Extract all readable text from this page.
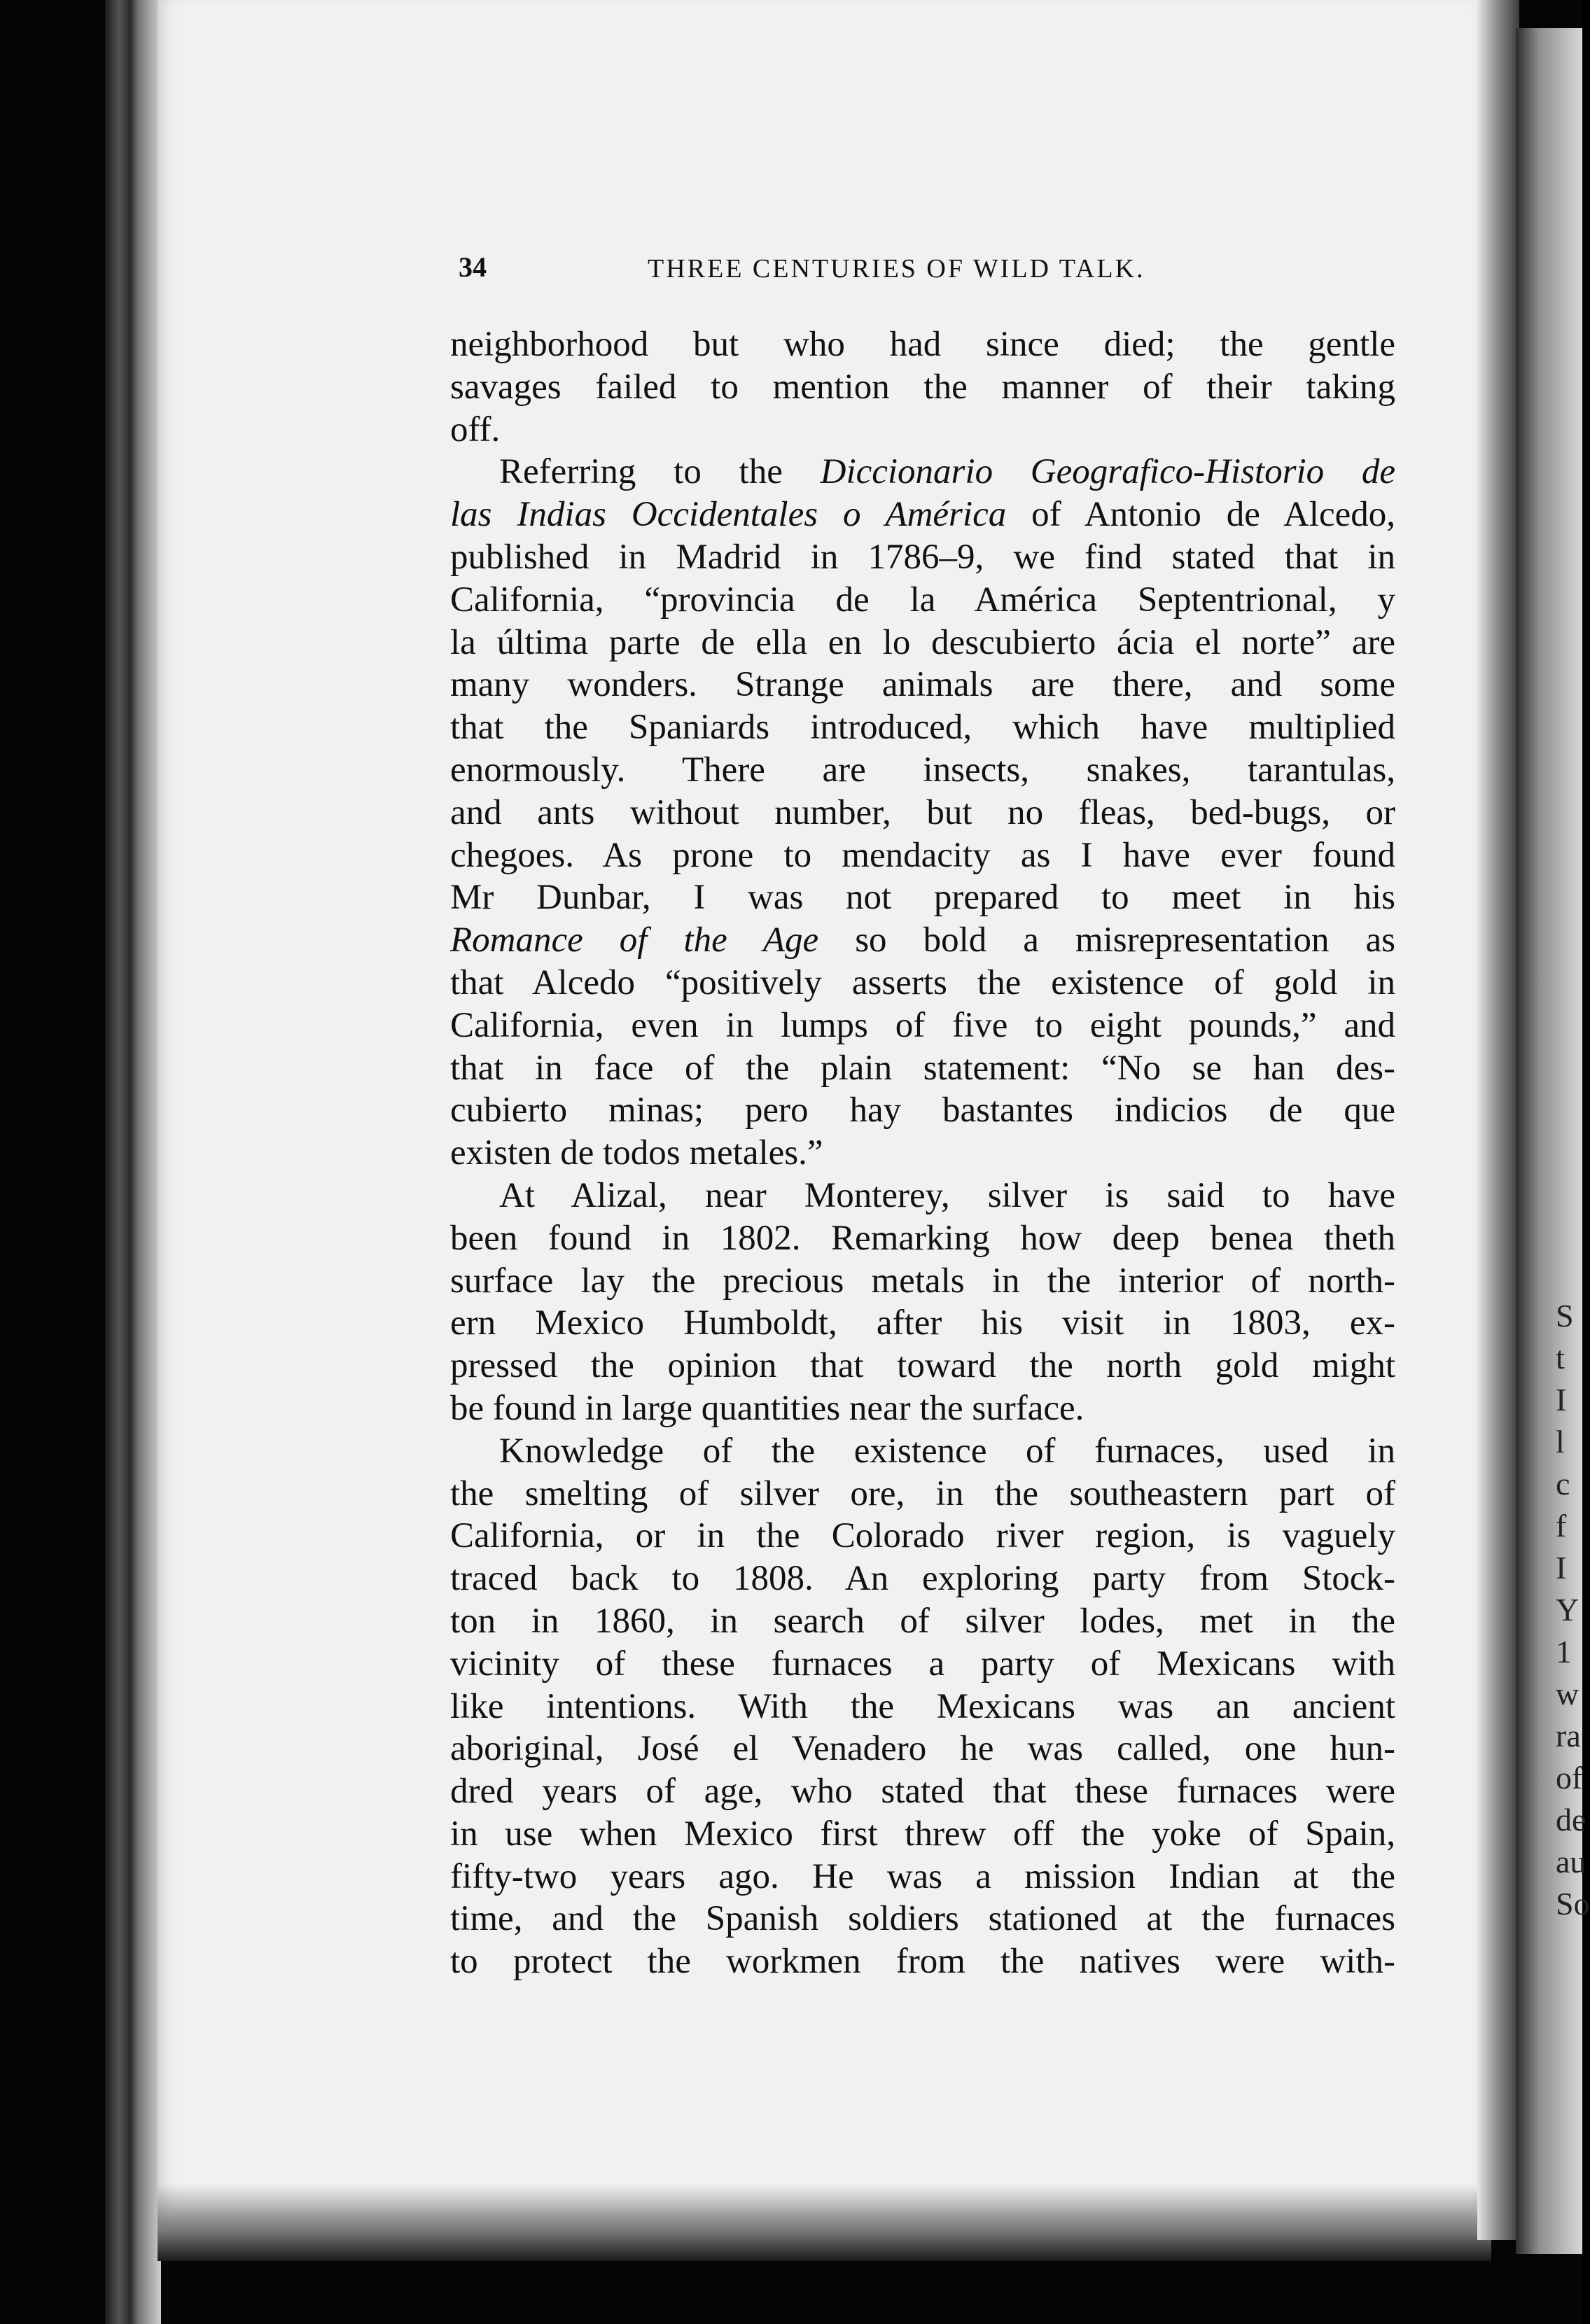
S
t
I
l
c
f
I
Y
1
w
ra
of
de
au
So
34	THREE CENTURIES OF WILD TALK.
neighborhood but who had since died; the gentle
savages failed to mention the manner of their taking
off.
Referring to the Diccionario Geografico-Historio de
las Indias Occidentales o América of Antonio de Alcedo,
published in Madrid in 1786–9, we find stated that in
California, “provincia de la América Septentrional, y
la última parte de ella en lo descubierto ácia el norte” are
many wonders. Strange animals are there, and some
that the Spaniards introduced, which have multiplied
enormously. There are insects, snakes, tarantulas,
and ants without number, but no fleas, bed-bugs, or
chegoes. As prone to mendacity as I have ever found
Mr Dunbar, I was not prepared to meet in his
Romance of the Age so bold a misrepresentation as
that Alcedo “positively asserts the existence of gold in
California, even in lumps of five to eight pounds,” and
that in face of the plain statement: “No se han des-
cubierto minas; pero hay bastantes indicios de que
existen de todos metales.”
At Alizal, near Monterey, silver is said to have
been found in 1802. Remarking how deep benea theth
surface lay the precious metals in the interior of north-
ern Mexico Humboldt, after his visit in 1803, ex-
pressed the opinion that toward the north gold might
be found in large quantities near the surface.
Knowledge of the existence of furnaces, used in
the smelting of silver ore, in the southeastern part of
California, or in the Colorado river region, is vaguely
traced back to 1808. An exploring party from Stock-
ton in 1860, in search of silver lodes, met in the
vicinity of these furnaces a party of Mexicans with
like intentions. With the Mexicans was an ancient
aboriginal, José el Venadero he was called, one hun-
dred years of age, who stated that these furnaces were
in use when Mexico first threw off the yoke of Spain,
fifty-two years ago. He was a mission Indian at the
time, and the Spanish soldiers stationed at the furnaces
to protect the workmen from the natives were with-
